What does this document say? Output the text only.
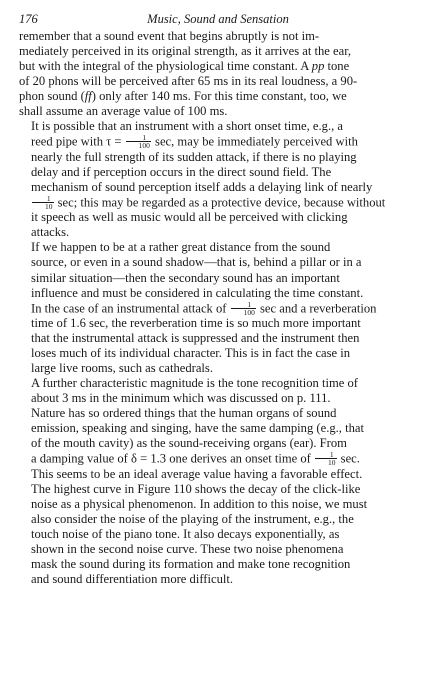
176	Music, Sound and Sensation
remember that a sound event that begins abruptly is not im-
mediately perceived in its original strength, as it arrives at the ear,
but with the integral of the physiological time constant. A pp tone
of 20 phons will be perceived after 65 ms in its real loudness, a 90-
phon sound (ff) only after 140 ms. For this time constant, too, we
shall assume an average value of 100 ms.
It is possible that an instrument with a short onset time, e.g., a
reed pipe with $\tau = \frac{1}{100} \sec$, may be immediately perceived with
nearly the full strength of its sudden attack, if there is no playing
delay and if perception occurs in the direct sound field. The
mechanism of sound perception itself adds a delaying link of nearly
$\frac{1}{10} \sec$; this may be regarded as a protective device, because without
it speech as well as music would all be perceived with clicking
attacks.
If we happen to be at a rather great distance from the sound
source, or even in a sound shadow—that is, behind a pillar or in a
similar situation—then the secondary sound has an important
influence and must be considered in calculating the time constant.
In the case of an instrumental attack of $\frac{1}{100}$ sec and a reverberation
time of 1.6 sec, the reverberation time is so much more important
that the instrumental attack is suppressed and the instrument then
loses much of its individual character. This is in fact the case in
large live rooms, such as cathedrals.
A further characteristic magnitude is the tone recognition time of
about 3 ms in the minimum which was discussed on p. 111.
Nature has so ordered things that the human organs of sound
emission, speaking and singing, have the same damping (e.g., that
of the mouth cavity) as the sound-receiving organs (ear). From
a damping value of δ = 1.3 one derives an onset time of $\frac{1}{10} \sec$.
This seems to be an ideal average value having a favorable effect.
The highest curve in Figure 110 shows the decay of the click-like
noise as a physical phenomenon. In addition to this noise, we must
also consider the noise of the playing of the instrument, e.g., the
touch noise of the piano tone. It also decays exponentially, as
shown in the second noise curve. These two noise phenomena
mask the sound during its formation and make tone recognition
and sound differentiation more difficult.
